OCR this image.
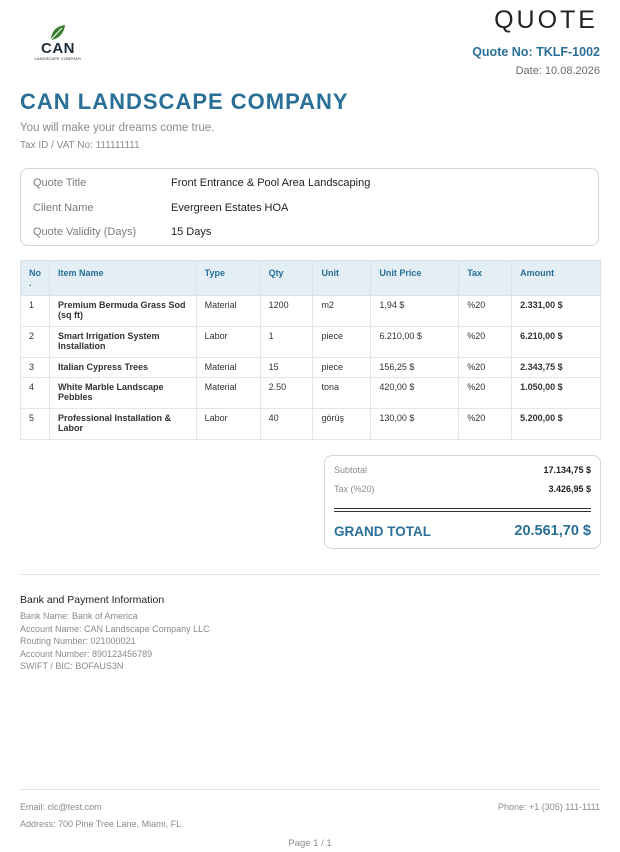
CAN
LANDSCAPE COMPANY
QUOTE
Quote No: TKLF-1002
Date: 10.08.2026
CAN LANDSCAPE COMPANY
You will make your dreams come true.
Tax ID / VAT No: 111111111
Quote Title	Front Entrance & Pool Area Landscaping
Client Name	Evergreen Estates HOA
Quote Validity (Days)	15 Days
No
.	Item Name	Type	Qty	Unit	Unit Price	Tax	Amount
1	Premium Bermuda Grass Sod (sq ft)	Material	1200	m2	1,94 $	%20	2.331,00 $
2	Smart Irrigation System Installation	Labor	1	piece	6.210,00 $	%20	6.210,00 $
3	Italian Cypress Trees	Material	15	piece	156,25 $	%20	2.343,75 $
4	White Marble Landscape Pebbles	Material	2.50	tona	420,00 $	%20	1.050,00 $
5	Professional Installation & Labor	Labor	40	görüş	130,00 $	%20	5.200,00 $
Subtotal	17.134,75 $
Tax (%20)	3.426,95 $
GRAND TOTAL	20.561,70 $
Bank and Payment Information
Bank Name: Bank of America
Account Name: CAN Landscape Company LLC
Routing Number: 021000021
Account Number: 890123456789
SWIFT / BIC: BOFAUS3N
Email: clc@test.com	Phone: +1 (305) 111-1111
Address: 700 Pine Tree Lane, Miami, FL
Page 1 / 1
